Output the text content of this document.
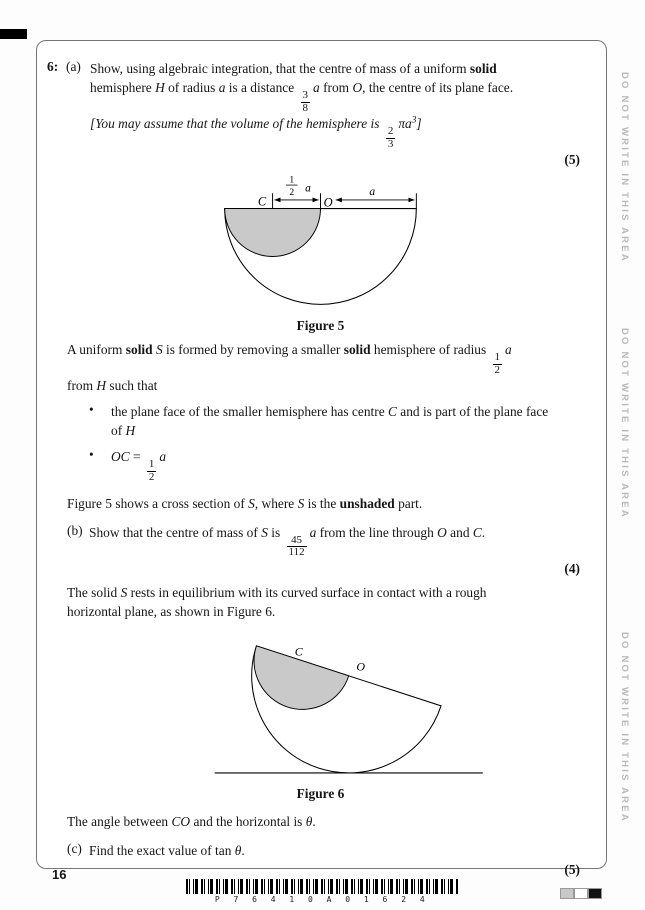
6: (a) Show, using algebraic integration, that the centre of mass of a uniform solid
hemisphere H of radius a is a distance
$\frac{3}{8}$
a from O, the centre of its plane face.
[You may assume that the volume of the hemisphere is
$\frac{2}{3}$
$\pi a^3$]
(5)
C	O
1
2 a	a
Figure 5
A uniform solid S is formed by removing a smaller solid hemisphere of radius
$\frac{1}{2}$
a
from H such that
•	the plane face of the smaller hemisphere has centre C and is part of the plane face
of H
•	OC =
$\frac{1}{2}$
a
Figure 5 shows a cross section of S, where S is the unshaded part.
(b) Show that the centre of mass of S is
$\frac{45}{112}$
a from the line through O and C.
(4)
The solid S rests in equilibrium with its curved surface in contact with a rough
horizontal plane, as shown in Figure 6.
C
O
Figure 6
The angle between CO and the horizontal is θ.
(c) Find the exact value of tan θ.
(5)
DO NOT WRITE IN THIS AREA
DO NOT WRITE IN THIS AREA
DO NOT WRITE IN THIS AREA
16
P 7 6 4 1 0 A 0 1 6 2 4
